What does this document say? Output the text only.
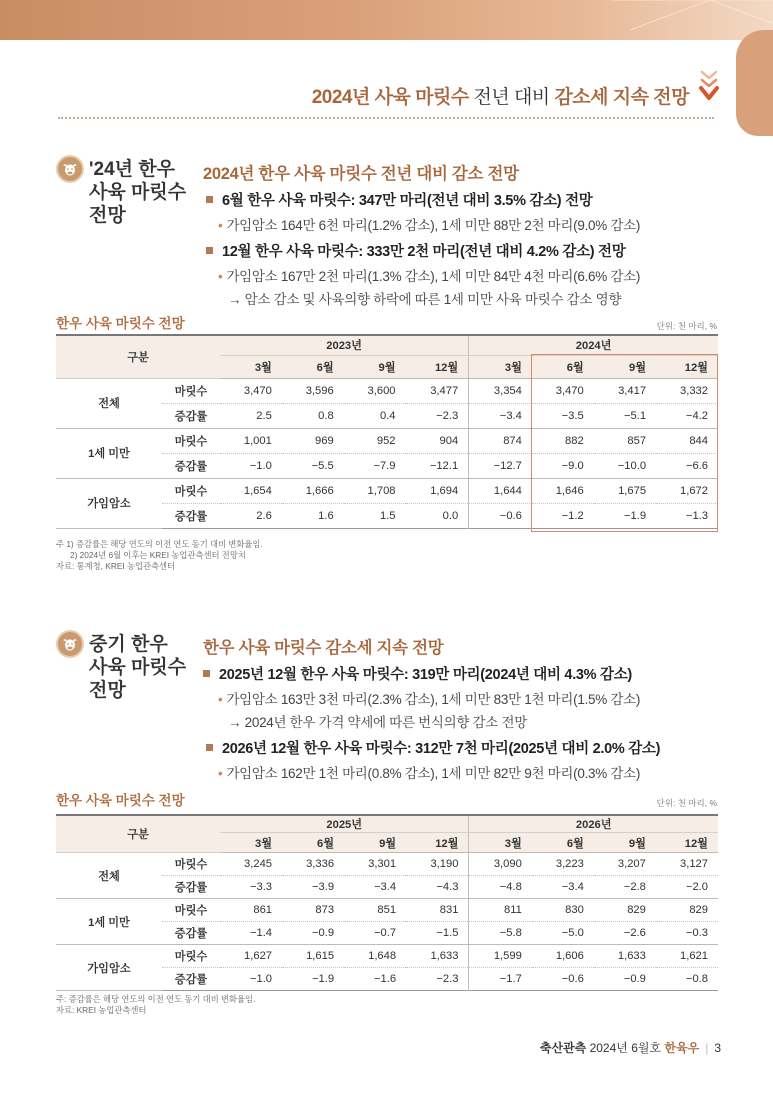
2024년 사육 마릿수 전년 대비 감소세 지속 전망
'24년 한우
사육 마릿수
전망
2024년 한우 사육 마릿수 전년 대비 감소 전망
6월 한우 사육 마릿수: 347만 마리(전년 대비 3.5% 감소) 전망
• 가임암소 164만 6천 마리(1.2% 감소), 1세 미만 88만 2천 마리(9.0% 감소)
12월 한우 사육 마릿수: 333만 2천 마리(전년 대비 4.2% 감소) 전망
• 가임암소 167만 2천 마리(1.3% 감소), 1세 미만 84만 4천 마리(6.6% 감소)
→ 암소 감소 및 사육의향 하락에 따른 1세 미만 사육 마릿수 감소 영향
한우 사육 마릿수 전망	단위: 천 마리, %
구분		2023년				2024년			
		3월	6월	9월	12월	3월	6월	9월	12월
전체	마릿수	3,470	3,596	3,600	3,477	3,354	3,470	3,417	3,332
	증감률	2.5	0.8	0.4	−2.3	−3.4	−3.5	−5.1	−4.2
1세 미만	마릿수	1,001	969	952	904	874	882	857	844
	증감률	−1.0	−5.5	−7.9	−12.1	−12.7	−9.0	−10.0	−6.6
가임암소	마릿수	1,654	1,666	1,708	1,694	1,644	1,646	1,675	1,672
	증감률	2.6	1.6	1.5	0.0	−0.6	−1.2	−1.9	−1.3
주 1) 증감률은 해당 연도의 이전 연도 동기 대비 변화율임.
2) 2024년 6월 이후는 KREI 농업관측센터 전망치
자료: 통계청, KREI 농업관측센터
중기 한우
사육 마릿수
전망
한우 사육 마릿수 감소세 지속 전망
2025년 12월 한우 사육 마릿수: 319만 마리(2024년 대비 4.3% 감소)
• 가임암소 163만 3천 마리(2.3% 감소), 1세 미만 83만 1천 마리(1.5% 감소)
→ 2024년 한우 가격 약세에 따른 번식의향 감소 전망
2026년 12월 한우 사육 마릿수: 312만 7천 마리(2025년 대비 2.0% 감소)
• 가임암소 162만 1천 마리(0.8% 감소), 1세 미만 82만 9천 마리(0.3% 감소)
한우 사육 마릿수 전망	단위: 천 마리, %
구분		2025년				2026년			
		3월	6월	9월	12월	3월	6월	9월	12월
전체	마릿수	3,245	3,336	3,301	3,190	3,090	3,223	3,207	3,127
	증감률	−3.3	−3.9	−3.4	−4.3	−4.8	−3.4	−2.8	−2.0
1세 미만	마릿수	861	873	851	831	811	830	829	829
	증감률	−1.4	−0.9	−0.7	−1.5	−5.8	−5.0	−2.6	−0.3
가임암소	마릿수	1,627	1,615	1,648	1,633	1,599	1,606	1,633	1,621
	증감률	−1.0	−1.9	−1.6	−2.3	−1.7	−0.6	−0.9	−0.8
주: 증감률은 해당 연도의 이전 연도 동기 대비 변화율임.
자료: KREI 농업관측센터
축산관측 2024년 6월호 한육우 | 3
